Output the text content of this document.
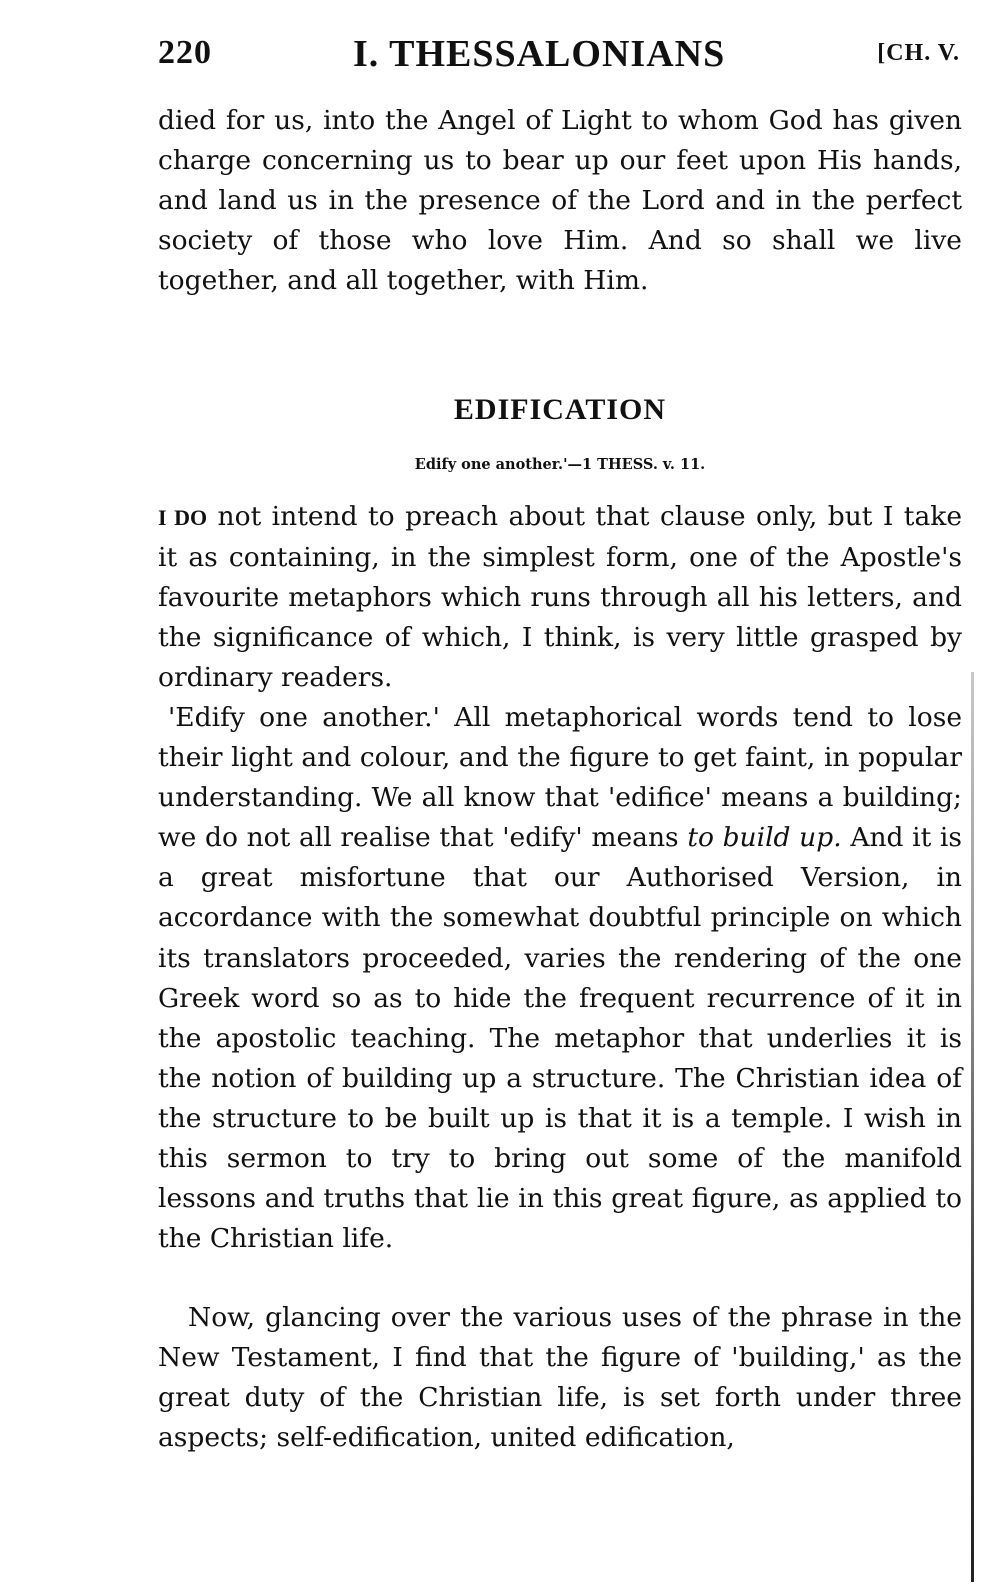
220	I. THESSALONIANS	[CH. V.

died for us, into the Angel of Light to whom God has given charge concerning us to bear up our feet upon His hands, and land us in the presence of the Lord and in the perfect society of those who love Him. And so shall we live together, and all together, with Him.

EDIFICATION

Edify one another.'—1 THESS. v. 11.

I DO not intend to preach about that clause only, but I take it as containing, in the simplest form, one of the Apostle's favourite metaphors which runs through all his letters, and the significance of which, I think, is very little grasped by ordinary readers.

'Edify one another.' All metaphorical words tend to lose their light and colour, and the figure to get faint, in popular understanding. We all know that 'edifice' means a building; we do not all realise that 'edify' means to build up. And it is a great misfortune that our Authorised Version, in accordance with the somewhat doubtful principle on which its translators proceeded, varies the rendering of the one Greek word so as to hide the frequent recurrence of it in the apostolic teaching. The metaphor that underlies it is the notion of building up a structure. The Christian idea of the structure to be built up is that it is a temple. I wish in this sermon to try to bring out some of the manifold lessons and truths that lie in this great figure, as applied to the Christian life.

Now, glancing over the various uses of the phrase in the New Testament, I find that the figure of 'building,' as the great duty of the Christian life, is set forth under three aspects; self-edification, united edification,
